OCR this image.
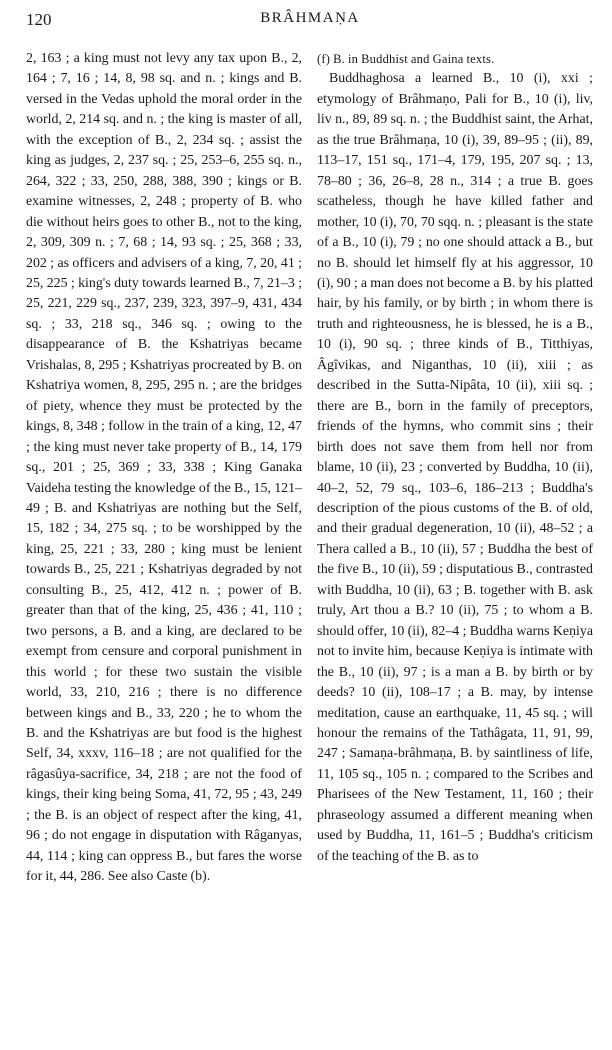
120	BRÂHMAṆA

2, 163 ; a king must not levy any tax upon B., 2, 164 ; 7, 16 ; 14, 8, 98 sq. and n. ; kings and B. versed in the Vedas uphold the moral order in the world, 2, 214 sq. and n. ; the king is master of all, with the exception of B., 2, 234 sq. ; assist the king as judges, 2, 237 sq. ; 25, 253–6, 255 sq. n., 264, 322 ; 33, 250, 288, 388, 390 ; kings or B. examine witnesses, 2, 248 ; property of B. who die without heirs goes to other B., not to the king, 2, 309, 309 n. ; 7, 68 ; 14, 93 sq. ; 25, 368 ; 33, 202 ; as officers and advisers of a king, 7, 20, 41 ; 25, 225 ; king's duty towards learned B., 7, 21–3 ; 25, 221, 229 sq., 237, 239, 323, 397–9, 431, 434 sq. ; 33, 218 sq., 346 sq. ; owing to the disappearance of B. the Kshatriyas became Vrishalas, 8, 295 ; Kshatriyas procreated by B. on Kshatriya women, 8, 295, 295 n. ; are the bridges of piety, whence they must be protected by the kings, 8, 348 ; follow in the train of a king, 12, 47 ; the king must never take property of B., 14, 179 sq., 201 ; 25, 369 ; 33, 338 ; King Ganaka Vaideha testing the knowledge of the B., 15, 121–49 ; B. and Kshatriyas are nothing but the Self, 15, 182 ; 34, 275 sq. ; to be worshipped by the king, 25, 221 ; 33, 280 ; king must be lenient towards B., 25, 221 ; Kshatriyas degraded by not consulting B., 25, 412, 412 n. ; power of B. greater than that of the king, 25, 436 ; 41, 110 ; two persons, a B. and a king, are declared to be exempt from censure and corporal punishment in this world ; for these two sustain the visible world, 33, 210, 216 ; there is no difference between kings and B., 33, 220 ; he to whom the B. and the Kshatriyas are but food is the highest Self, 34, xxxv, 116–18 ; are not qualified for the râgasûya-sacrifice, 34, 218 ; are not the food of kings, their king being Soma, 41, 72, 95 ; 43, 249 ; the B. is an object of respect after the king, 41, 96 ; do not engage in disputation with Râganyas, 44, 114 ; king can oppress B., but fares the worse for it, 44, 286. See also Caste (b).

(f) B. in Buddhist and Gaina texts.

Buddhaghosa a learned B., 10 (i), xxi ; etymology of Brâhmaṇo, Pali for B., 10 (i), liv, liv n., 89, 89 sq. n. ; the Buddhist saint, the Arhat, as the true Brâhmaṇa, 10 (i), 39, 89–95 ; (ii), 89, 113–17, 151 sq., 171–4, 179, 195, 207 sq. ; 13, 78–80 ; 36, 26–8, 28 n., 314 ; a true B. goes scatheless, though he have killed father and mother, 10 (i), 70, 70 sqq. n. ; pleasant is the state of a B., 10 (i), 79 ; no one should attack a B., but no B. should let himself fly at his aggressor, 10 (i), 90 ; a man does not become a B. by his platted hair, by his family, or by birth ; in whom there is truth and righteousness, he is blessed, he is a B., 10 (i), 90 sq. ; three kinds of B., Titthiyas, Âgîvikas, and Niganthas, 10 (ii), xiii ; as described in the Sutta-Nipâta, 10 (ii), xiii sq. ; there are B., born in the family of preceptors, friends of the hymns, who commit sins ; their birth does not save them from hell nor from blame, 10 (ii), 23 ; converted by Buddha, 10 (ii), 40–2, 52, 79 sq., 103–6, 186–213 ; Buddha's description of the pious customs of the B. of old, and their gradual degeneration, 10 (ii), 48–52 ; a Thera called a B., 10 (ii), 57 ; Buddha the best of the five B., 10 (ii), 59 ; disputatious B., contrasted with Buddha, 10 (ii), 63 ; B. together with B. ask truly, Art thou a B.? 10 (ii), 75 ; to whom a B. should offer, 10 (ii), 82–4 ; Buddha warns Keṇiya not to invite him, because Keṇiya is intimate with the B., 10 (ii), 97 ; is a man a B. by birth or by deeds? 10 (ii), 108–17 ; a B. may, by intense meditation, cause an earthquake, 11, 45 sq. ; will honour the remains of the Tathâgata, 11, 91, 99, 247 ; Samaṇa-brâhmaṇa, B. by saintliness of life, 11, 105 sq., 105 n. ; compared to the Scribes and Pharisees of the New Testament, 11, 160 ; their phraseology assumed a different meaning when used by Buddha, 11, 161–5 ; Buddha's criticism of the teaching of the B. as to
